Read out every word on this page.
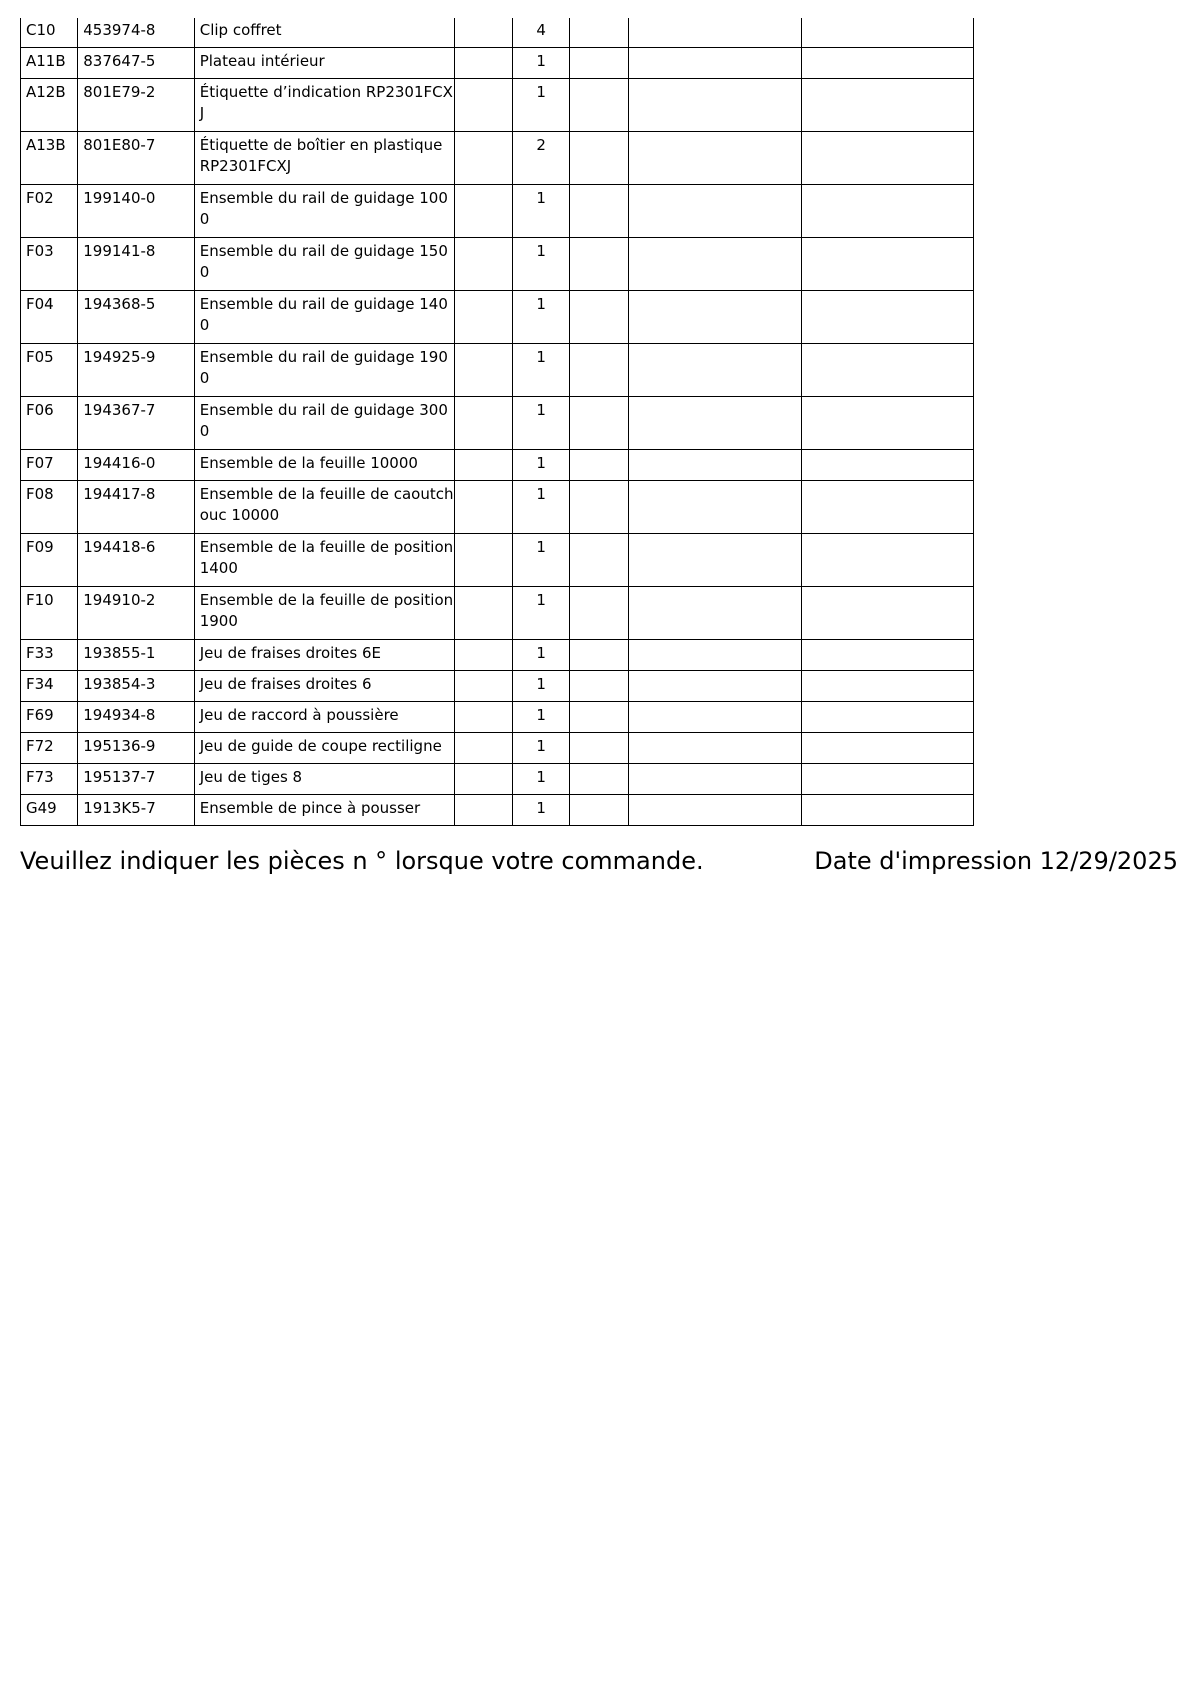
C10	453974-8	Clip coffret		4			
A11B	837647-5	Plateau intérieur		1			
A12B	801E79-2	Étiquette d’indication RP2301FCXJ		1			
A13B	801E80-7	Étiquette de boîtier en plastique RP2301FCXJ		2			
F02	199140-0	Ensemble du rail de guidage 1000		1			
F03	199141-8	Ensemble du rail de guidage 1500		1			
F04	194368-5	Ensemble du rail de guidage 1400		1			
F05	194925-9	Ensemble du rail de guidage 1900		1			
F06	194367-7	Ensemble du rail de guidage 3000		1			
F07	194416-0	Ensemble de la feuille 10000		1			
F08	194417-8	Ensemble de la feuille de caoutchouc 10000		1			
F09	194418-6	Ensemble de la feuille de position 1400		1			
F10	194910-2	Ensemble de la feuille de position 1900		1			
F33	193855-1	Jeu de fraises droites 6E		1			
F34	193854-3	Jeu de fraises droites 6		1			
F69	194934-8	Jeu de raccord à poussière		1			
F72	195136-9	Jeu de guide de coupe rectiligne		1			
F73	195137-7	Jeu de tiges 8		1			
G49	1913K5-7	Ensemble de pince à pousser		1			
Veuillez indiquer les pièces n ° lorsque votre commande.	Date d'impression 12/29/2025
